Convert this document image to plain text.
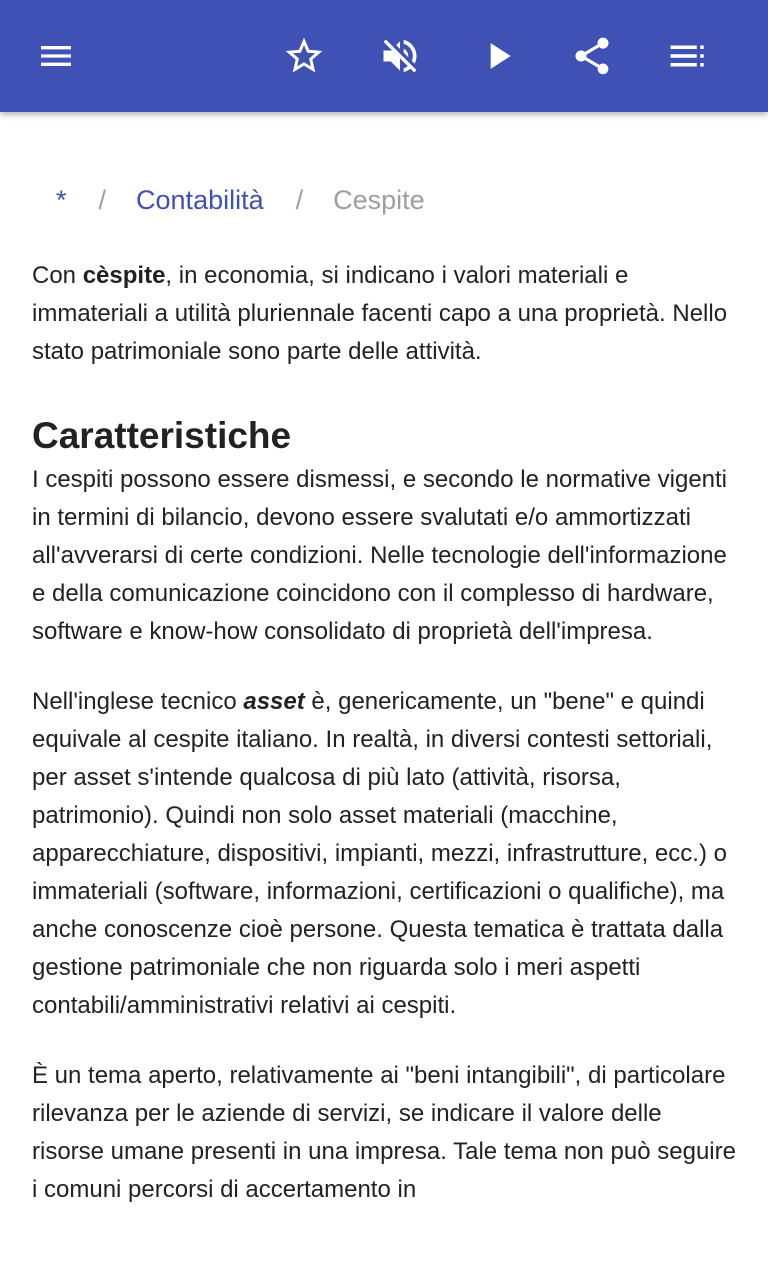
* / Contabilità / Cespite

Con cèspite, in economia, si indicano i valori materiali e immateriali a utilità pluriennale facenti capo a una proprietà. Nello stato patrimoniale sono parte delle attività.

Caratteristiche

I cespiti possono essere dismessi, e secondo le normative vigenti in termini di bilancio, devono essere svalutati e/o ammortizzati all'avverarsi di certe condizioni. Nelle tecnologie dell'informazione e della comunicazione coincidono con il complesso di hardware, software e know-how consolidato di proprietà dell'impresa.

Nell'inglese tecnico asset è, genericamente, un "bene" e quindi equivale al cespite italiano. In realtà, in diversi contesti settoriali, per asset s'intende qualcosa di più lato (attività, risorsa, patrimonio). Quindi non solo asset materiali (macchine, apparecchiature, dispositivi, impianti, mezzi, infrastrutture, ecc.) o immateriali (software, informazioni, certificazioni o qualifiche), ma anche conoscenze cioè persone. Questa tematica è trattata dalla gestione patrimoniale che non riguarda solo i meri aspetti contabili/amministrativi relativi ai cespiti.

È un tema aperto, relativamente ai "beni intangibili", di particolare rilevanza per le aziende di servizi, se indicare il valore delle risorse umane presenti in una impresa. Tale tema non può seguire i comuni percorsi di accertamento in
